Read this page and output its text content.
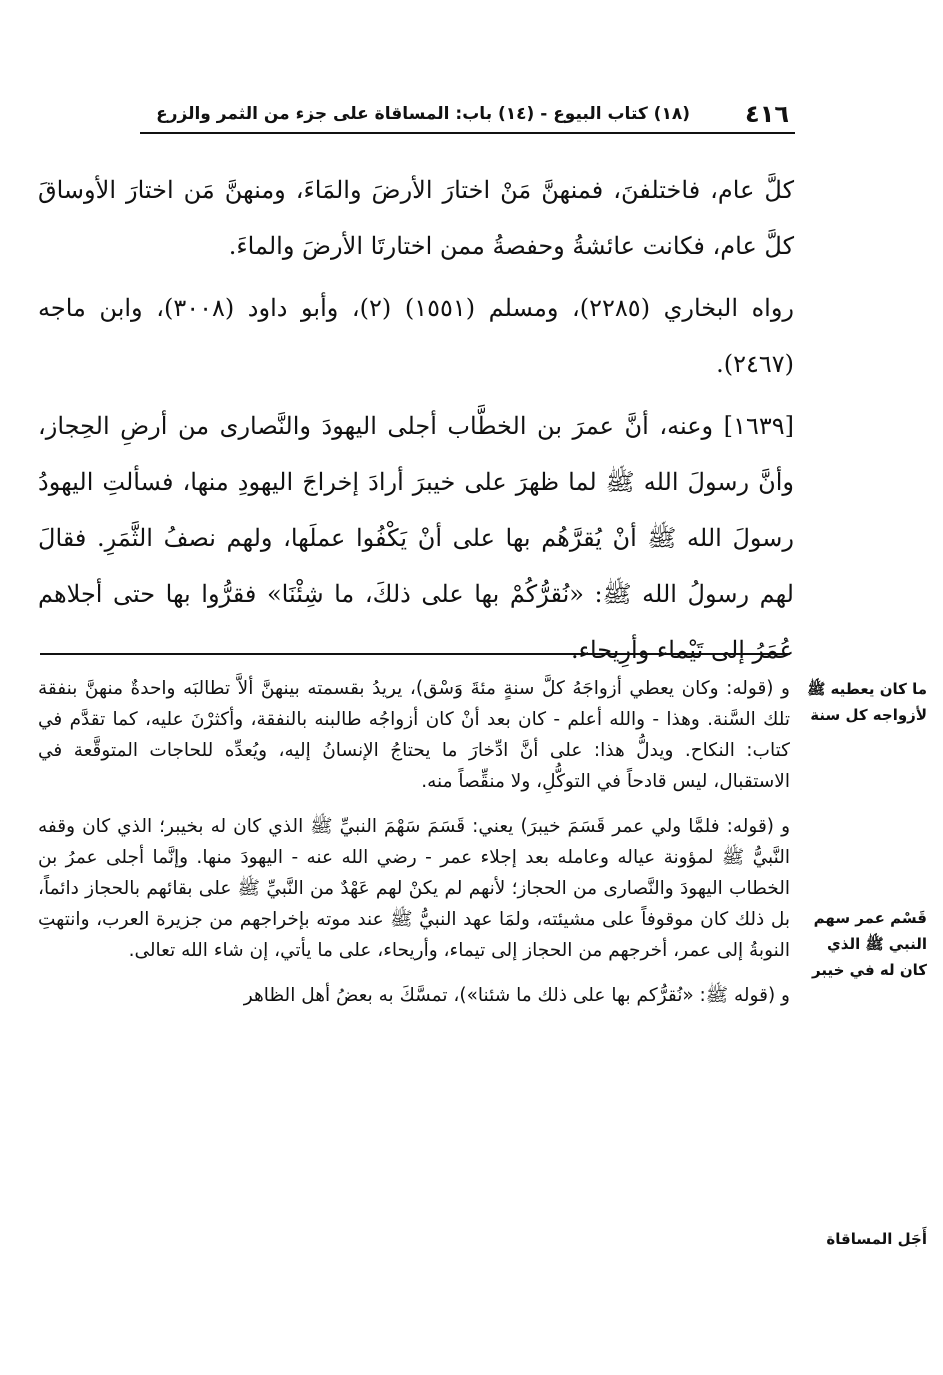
(١٨) كتاب البيوع - (١٤) باب: المساقاة على جزء من الثمر والزرع ٤١٦

كلَّ عام، فاختلفنَ، فمنهنَّ مَنْ اختارَ الأرضَ والمَاءَ، ومنهنَّ مَن اختارَ الأوساقَ كلَّ عام، فكانت عائشةُ وحفصةُ ممن اختارتَا الأرضَ والماءَ.

رواه البخاري (٢٢٨٥)، ومسلم (١٥٥١) (٢)، وأبو داود (٣٠٠٨)، وابن ماجه (٢٤٦٧).

[١٦٣٩] وعنه، أنَّ عمرَ بن الخطَّاب أجلى اليهودَ والنَّصارى من أرضِ الحِجاز، وأنَّ رسولَ الله ﷺ لما ظهرَ على خيبرَ أرادَ إخراجَ اليهودِ منها، فسألتِ اليهودُ رسولَ الله ﷺ أنْ يُقرَّهُم بها على أنْ يَكْفُوا عملَها، ولهم نصفُ الثَّمَرِ. فقالَ لهم رسولُ الله ﷺ: «نُقرُّكُمْ بها على ذلكَ، ما شِئْنَا» فقرُّوا بها حتى أجلاهم عُمَرُ إلى تَيْماء وأرِيحاء.

و (قوله: وكان يعطي أزواجَهُ كلَّ سنةٍ مئةَ وَسْق)، يريدُ بقسمته بينهنَّ ألاَّ تطالبَه واحدةٌ منهنَّ بنفقة تلك السَّنة. وهذا - والله أعلم - كان بعد أنْ كان أزواجُه طالبنه بالنفقة، وأكثرْنَ عليه، كما تقدَّم في كتاب: النكاح. ويدلُّ هذا: على أنَّ ادِّخارَ ما يحتاجُ الإنسانُ إليه، ويُعدِّه للحاجات المتوقَّعة في الاستقبال، ليس قادحاً في التوكُّلِ، ولا منقِّصاً منه.

و (قوله: فلمَّا ولي عمر قَسَمَ خيبرَ) يعني: قَسَمَ سَهْمَ النبيِّ ﷺ الذي كان له بخيبر؛ الذي كان وقفه النَّبيُّ ﷺ لمؤونة عياله وعامله بعد إجلاء عمر - رضي الله عنه - اليهودَ منها. وإنَّما أجلى عمرُ بن الخطاب اليهودَ والنَّصارى من الحجاز؛ لأنهم لم يكنْ لهم عَهْدٌ من النَّبيِّ ﷺ على بقائهم بالحجاز دائماً، بل ذلك كان موقوفاً على مشيئته، ولمَا عهد النبيُّ ﷺ عند موته بإخراجهم من جزيرة العرب، وانتهتِ النوبةُ إلى عمر، أخرجهم من الحجاز إلى تيماء، وأريحاء، على ما يأتي، إن شاء الله تعالى.

و (قوله ﷺ: «نُقرُّكم بها على ذلك ما شئنا»)، تمسَّكَ به بعضُ أهل الظاهر

ما كان يعطيه ﷺ لأزواجه كل سنة
قَسْم عمر سهم النبي ﷺ الذي كان له في خيبر
أَجَل المساقاة
